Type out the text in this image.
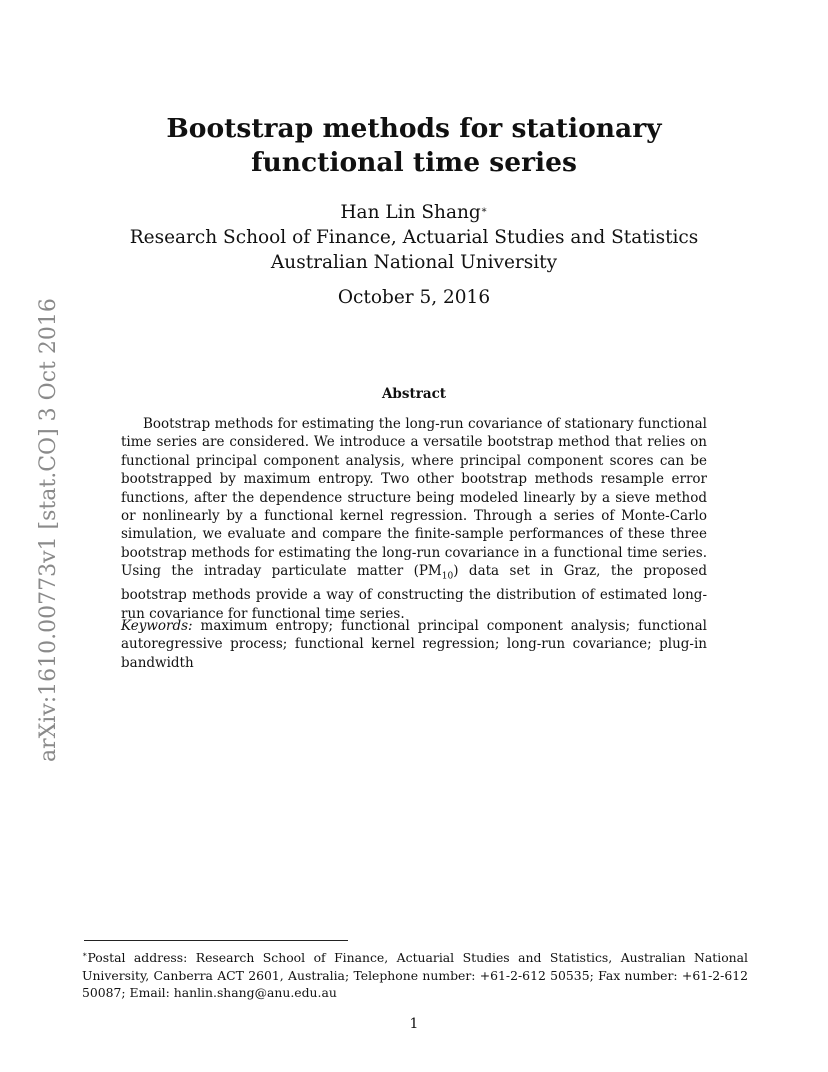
arXiv:1610.00773v1 [stat.CO] 3 Oct 2016
Bootstrap methods for stationary functional time series
Han Lin Shang∗
Research School of Finance, Actuarial Studies and Statistics
Australian National University
October 5, 2016
Abstract

Bootstrap methods for estimating the long-run covariance of stationary functional time series are considered. We introduce a versatile bootstrap method that relies on functional principal component analysis, where principal component scores can be bootstrapped by maximum entropy. Two other bootstrap methods resample error functions, after the dependence structure being modeled linearly by a sieve method or nonlinearly by a functional kernel regression. Through a series of Monte-Carlo simulation, we evaluate and compare the finite-sample performances of these three bootstrap methods for estimating the long-run covariance in a functional time series. Using the intraday particulate matter $(PM_{10})$ data set in Graz, the proposed bootstrap methods provide a way of constructing the distribution of estimated long-run covariance for functional time series.

Keywords: maximum entropy; functional principal component analysis; functional autoregressive process; functional kernel regression; long-run covariance; plug-in bandwidth

∗Postal address: Research School of Finance, Actuarial Studies and Statistics, Australian National University, Canberra ACT 2601, Australia; Telephone number: +61-2-612 50535; Fax number: +61-2-612 50087; Email: hanlin.shang@anu.edu.au

1
